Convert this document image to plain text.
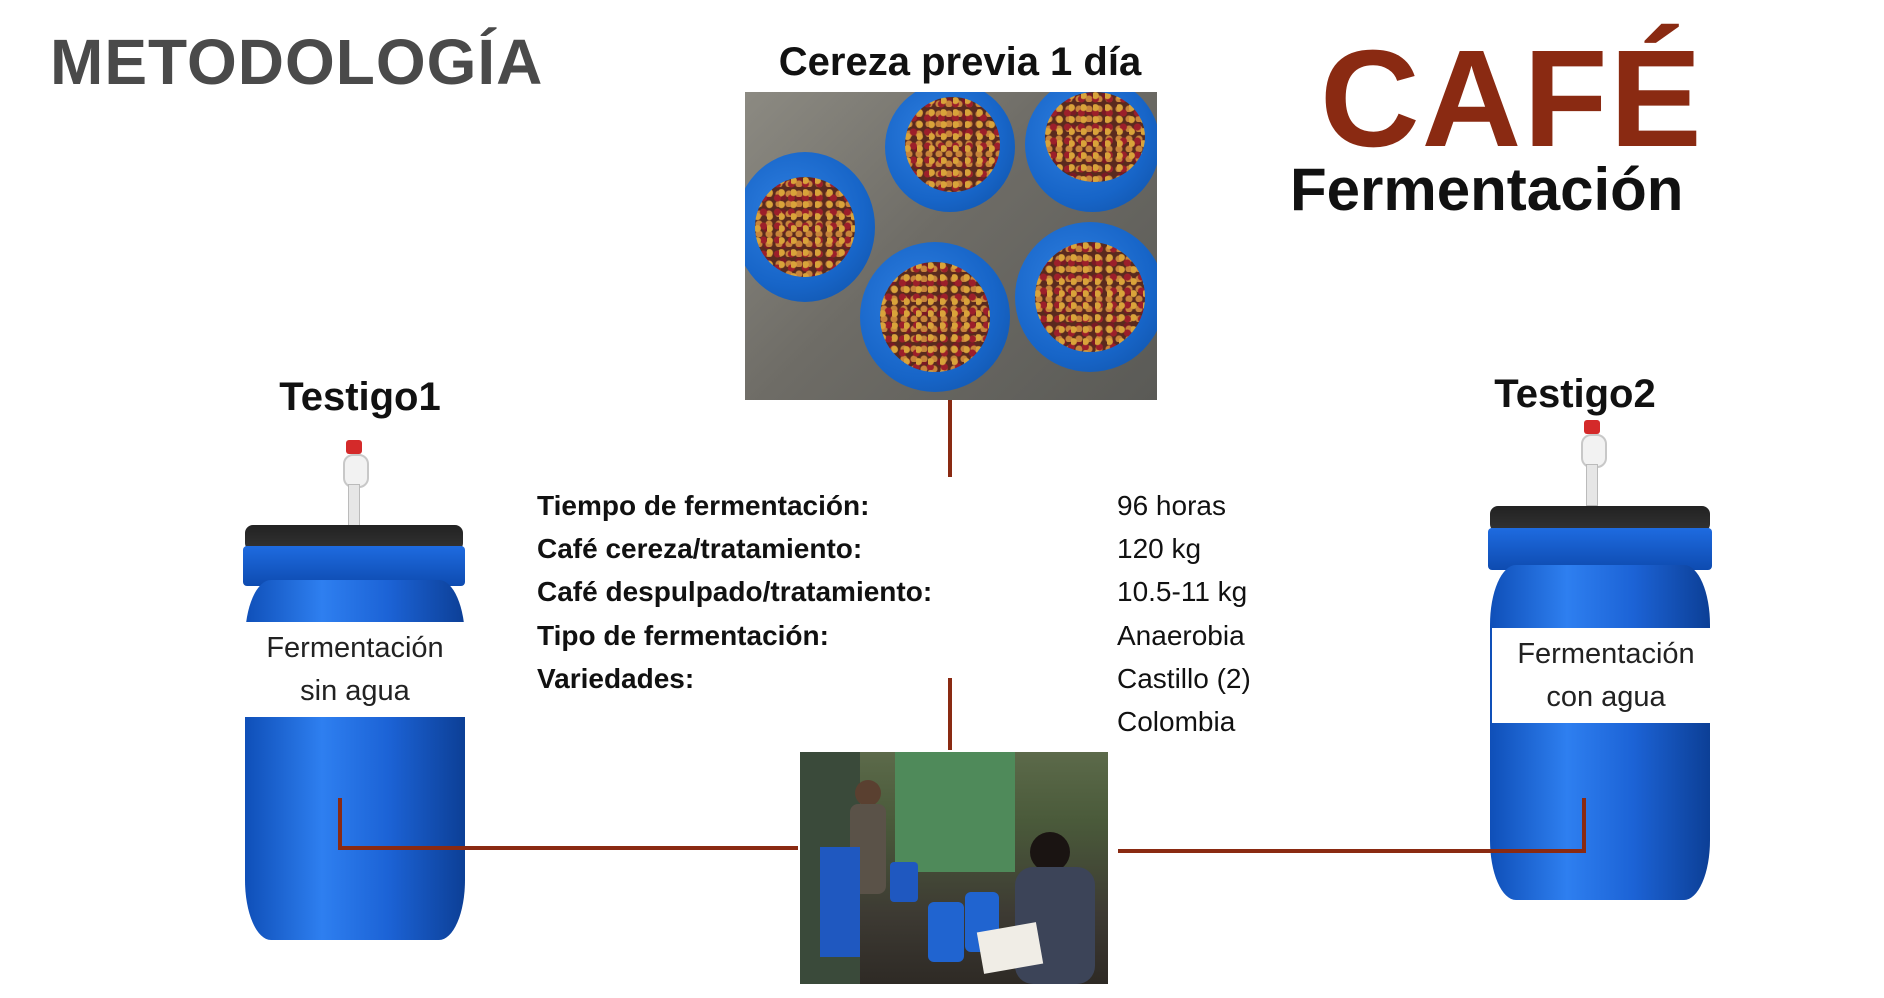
METODOLOGÍA	Cereza previa 1 día CAFÉ
Fermentación
Testigo1
Fermentación
sin agua
Testigo2
Fermentación
con agua
Tiempo de fermentación:
Café cereza/tratamiento:
Café despulpado/tratamiento:
Tipo de fermentación:
Variedades:
96 horas
120 kg
10.5-11 kg
Anaerobia
Castillo (2)
Colombia
